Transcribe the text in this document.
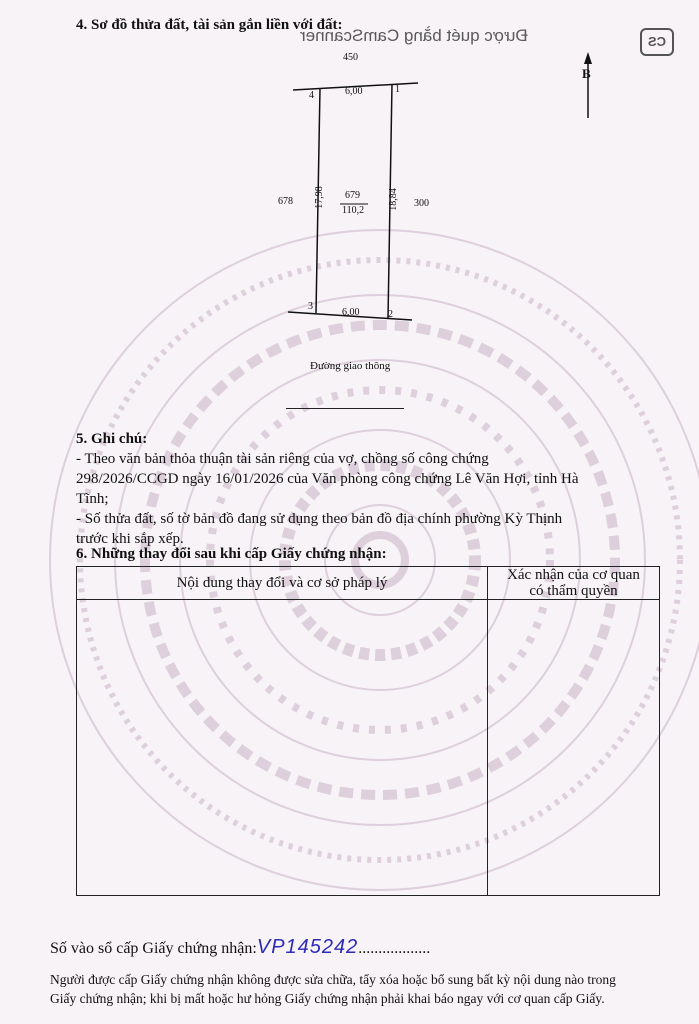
Được quét bằng CamScanner	CS
4. Sơ đồ thửa đất, tài sản gắn liền với đất:
B
450
6,00
4
1
678	300
17,98	18,84
679
110,2
3
6,00	2
Đường giao thông
5. Ghi chú:
- Theo văn bản thỏa thuận tài sản riêng của vợ, chồng số công chứng
298/2026/CCGD ngày 16/01/2026 của Văn phòng công chứng Lê Văn Hợi, tỉnh Hà
Tĩnh;
- Số thửa đất, số tờ bản đồ đang sử dụng theo bản đồ địa chính phường Kỳ Thịnh
trước khi sắp xếp.
6. Những thay đổi sau khi cấp Giấy chứng nhận:
Nội dung thay đổi và cơ sở pháp lý	Xác nhận của cơ quan
có thẩm quyền

Số vào sổ cấp Giấy chứng nhận:VP145242..................
Người được cấp Giấy chứng nhận không được sửa chữa, tẩy xóa hoặc bổ sung bất kỳ nội dung nào trong
Giấy chứng nhận; khi bị mất hoặc hư hỏng Giấy chứng nhận phải khai báo ngay với cơ quan cấp Giấy.
